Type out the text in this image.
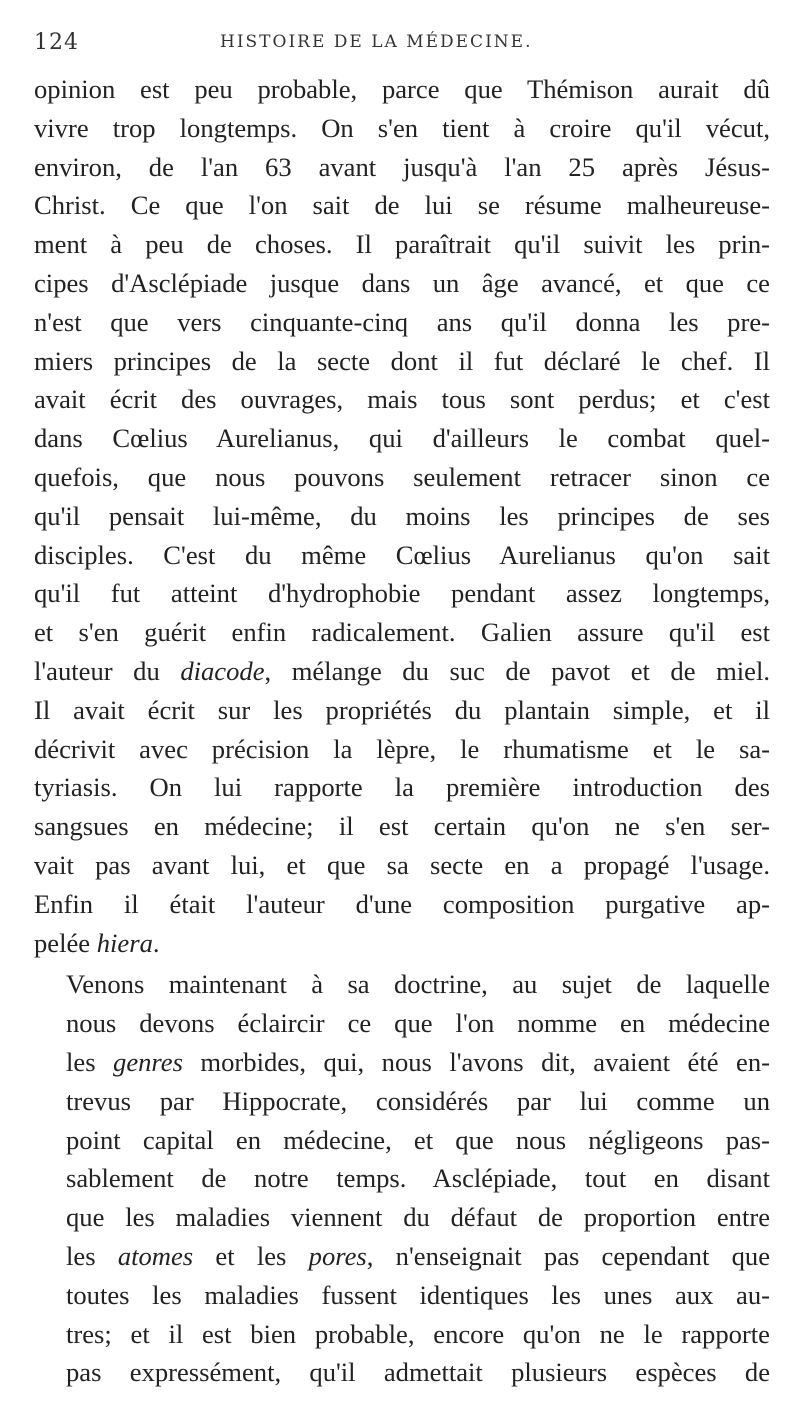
124	HISTOIRE DE LA MÉDECINE.

opinion est peu probable, parce que Thémison aurait dû
vivre trop longtemps. On s'en tient à croire qu'il vécut,
environ, de l'an 63 avant jusqu'à l'an 25 après Jésus-
Christ. Ce que l'on sait de lui se résume malheureuse-
ment à peu de choses. Il paraîtrait qu'il suivit les prin-
cipes d'Asclépiade jusque dans un âge avancé, et que ce
n'est que vers cinquante-cinq ans qu'il donna les pre-
miers principes de la secte dont il fut déclaré le chef. Il
avait écrit des ouvrages, mais tous sont perdus; et c'est
dans Cœlius Aurelianus, qui d'ailleurs le combat quel-
quefois, que nous pouvons seulement retracer sinon ce
qu'il pensait lui-même, du moins les principes de ses
disciples. C'est du même Cœlius Aurelianus qu'on sait
qu'il fut atteint d'hydrophobie pendant assez longtemps,
et s'en guérit enfin radicalement. Galien assure qu'il est
l'auteur du diacode, mélange du suc de pavot et de miel.
Il avait écrit sur les propriétés du plantain simple, et il
décrivit avec précision la lèpre, le rhumatisme et le sa-
tyriasis. On lui rapporte la première introduction des
sangsues en médecine; il est certain qu'on ne s'en ser-
vait pas avant lui, et que sa secte en a propagé l'usage.
Enfin il était l'auteur d'une composition purgative ap-
pelée hiera.

Venons maintenant à sa doctrine, au sujet de laquelle
nous devons éclaircir ce que l'on nomme en médecine
les genres morbides, qui, nous l'avons dit, avaient été en-
trevus par Hippocrate, considérés par lui comme un
point capital en médecine, et que nous négligeons pas-
sablement de notre temps. Asclépiade, tout en disant
que les maladies viennent du défaut de proportion entre
les atomes et les pores, n'enseignait pas cependant que
toutes les maladies fussent identiques les unes aux au-
tres; et il est bien probable, encore qu'on ne le rapporte
pas expressément, qu'il admettait plusieurs espèces de
